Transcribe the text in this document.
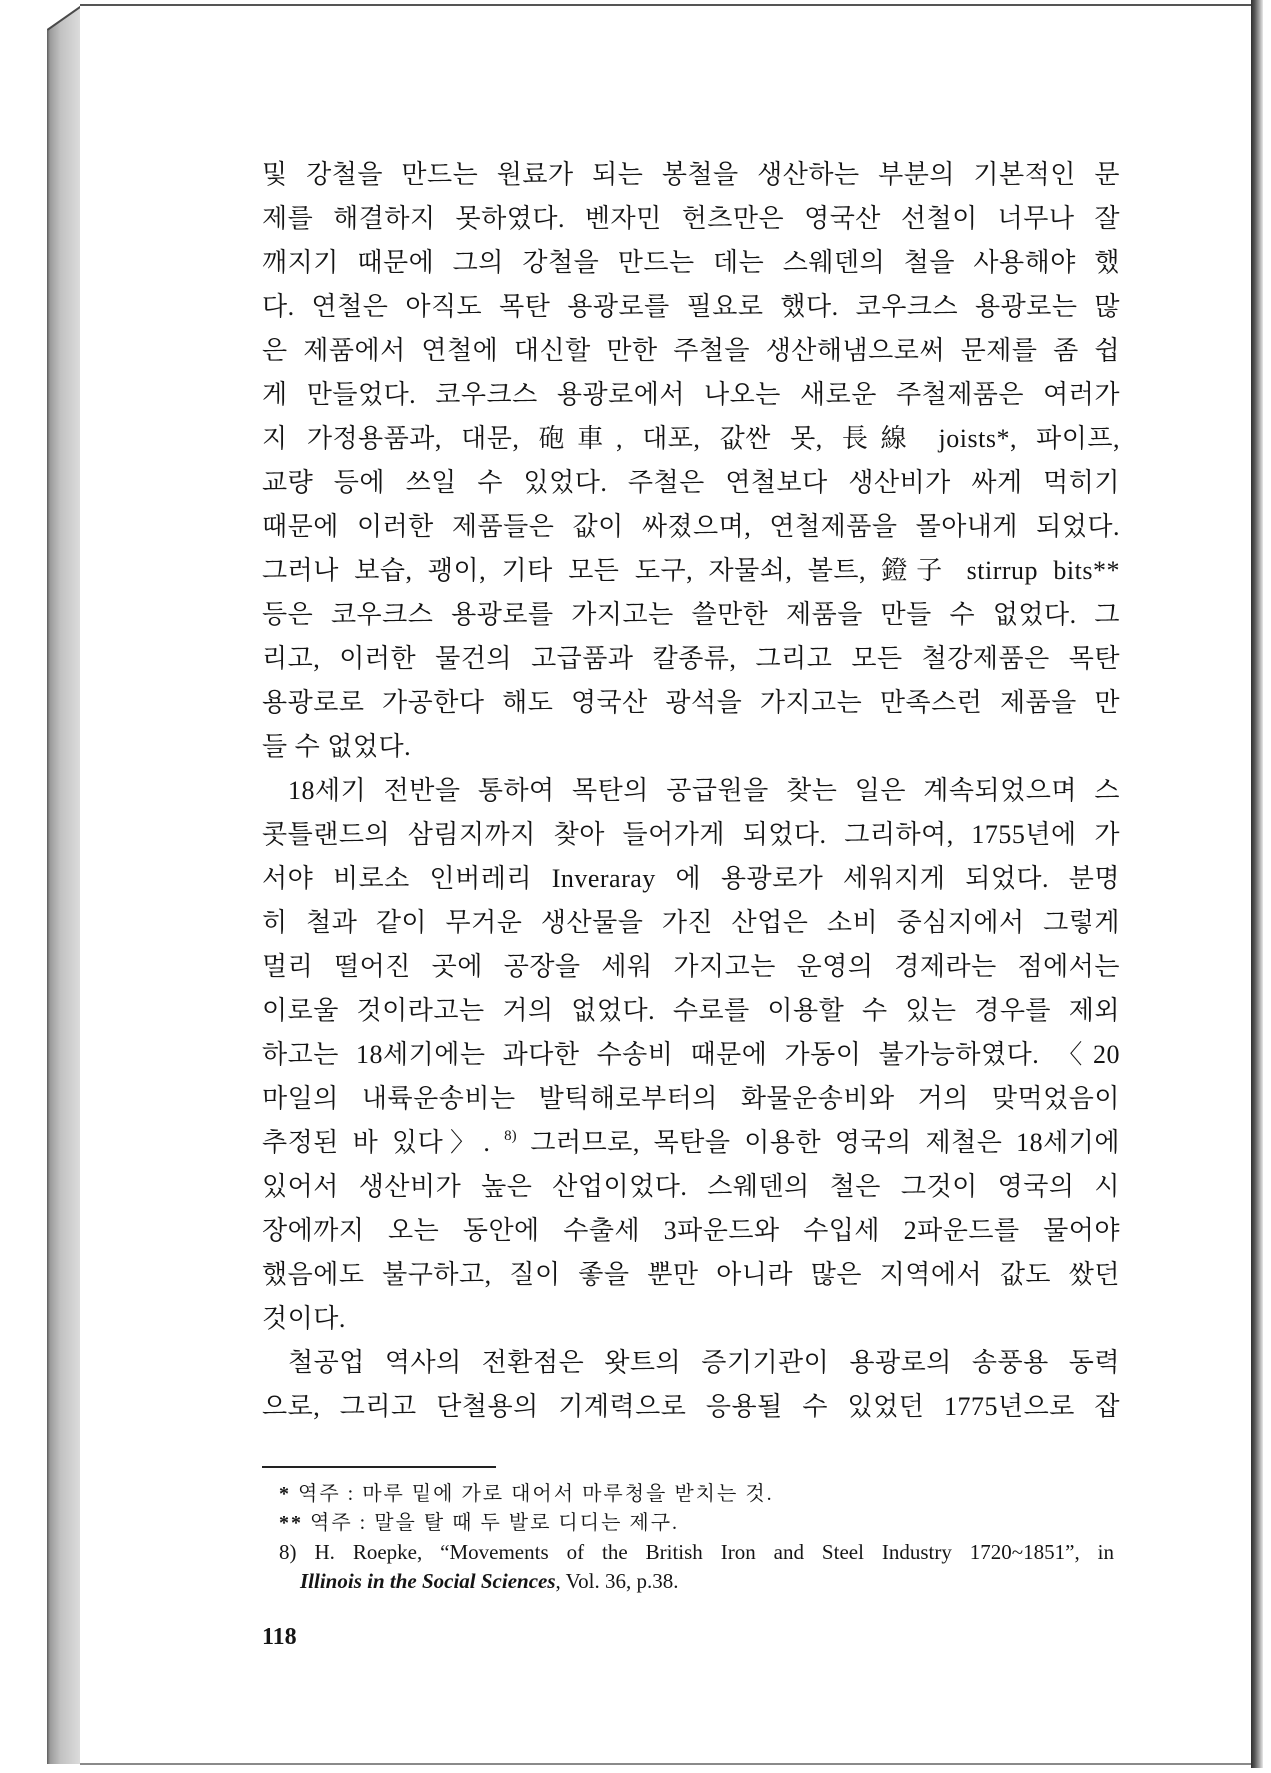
및 강철을 만드는 원료가 되는 봉철을 생산하는 부분의 기본적인 문
제를 해결하지 못하였다. 벤자민 헌츠만은 영국산 선철이 너무나 잘
깨지기 때문에 그의 강철을 만드는 데는 스웨덴의 철을 사용해야 했
다. 연철은 아직도 목탄 용광로를 필요로 했다. 코우크스 용광로는 많
은 제품에서 연철에 대신할 만한 주철을 생산해냄으로써 문제를 좀 쉽
게 만들었다. 코우크스 용광로에서 나오는 새로운 주철제품은 여러가
지 가정용품과, 대문, 砲車, 대포, 값싼 못, 長線 joists*, 파이프,
교량 등에 쓰일 수 있었다. 주철은 연철보다 생산비가 싸게 먹히기
때문에 이러한 제품들은 값이 싸졌으며, 연철제품을 몰아내게 되었다.
그러나 보습, 괭이, 기타 모든 도구, 자물쇠, 볼트, 鐙子 stirrup bits**
등은 코우크스 용광로를 가지고는 쓸만한 제품을 만들 수 없었다. 그
리고, 이러한 물건의 고급품과 칼종류, 그리고 모든 철강제품은 목탄
용광로로 가공한다 해도 영국산 광석을 가지고는 만족스런 제품을 만
들 수 없었다.
18세기 전반을 통하여 목탄의 공급원을 찾는 일은 계속되었으며 스
콧틀랜드의 삼림지까지 찾아 들어가게 되었다. 그리하여, 1755년에 가
서야 비로소 인버레리 Inveraray 에 용광로가 세워지게 되었다. 분명
히 철과 같이 무거운 생산물을 가진 산업은 소비 중심지에서 그렇게
멀리 떨어진 곳에 공장을 세워 가지고는 운영의 경제라는 점에서는
이로울 것이라고는 거의 없었다. 수로를 이용할 수 있는 경우를 제외
하고는 18세기에는 과다한 수송비 때문에 가동이 불가능하였다. 〈20
마일의 내륙운송비는 발틱해로부터의 화물운송비와 거의 맞먹었음이
추정된 바 있다〉. $^{8)}$ 그러므로, 목탄을 이용한 영국의 제철은 18세기에
있어서 생산비가 높은 산업이었다. 스웨덴의 철은 그것이 영국의 시
장에까지 오는 동안에 수출세 3파운드와 수입세 2파운드를 물어야
했음에도 불구하고, 질이 좋을 뿐만 아니라 많은 지역에서 값도 쌌던
것이다.
철공업 역사의 전환점은 왓트의 증기기관이 용광로의 송풍용 동력
으로, 그리고 단철용의 기계력으로 응용될 수 있었던 1775년으로 잡
* 역주 : 마루 밑에 가로 대어서 마루청을 받치는 것.
** 역주 : 말을 탈 때 두 발로 디디는 제구.
8) H. Roepke, “Movements of the British Iron and Steel Industry 1720~1851”, in
Illinois in the Social Sciences, Vol. 36, p.38.
118
